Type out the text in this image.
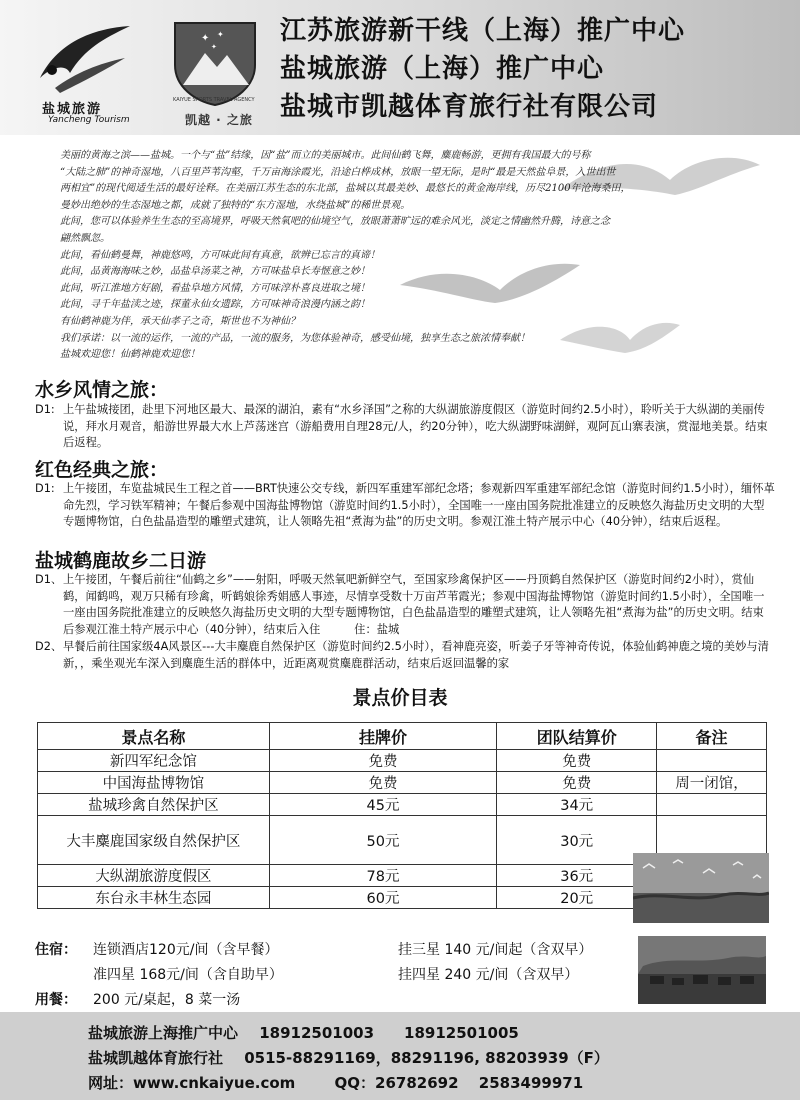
盐城旅游
Yancheng Tourism
✦ ✦
✦
KAIYUE SPORTS TRAVEL AGENCY
凯越 · 之旅
江苏旅游新干线（上海）推广中心
盐城旅游（上海）推广中心
盐城市凯越体育旅行社有限公司

美丽的黄海之滨——盐城。一个与“盐”结缘，因“盐”而立的美丽城市。此间仙鹤飞舞，麋鹿畅游，更拥有我国最大的号称

“大陆之肺”的神奇湿地，八百里芦苇沟壑，千万亩海涂霞光，沿途白桦成林，放眼一望无际，是时“最是天然盐阜景，入世出世

两相宜”的现代阅适生活的最好诠释。在美丽江苏生态的东北部，盐城以其最美妙、最悠长的黄金海岸线，历尽2100年沧海桑田，

曼妙出绝妙的生态湿地之都，成就了独特的“东方湿地，水绕盐城”的稀世景观。

此间，您可以体验养生生态的至高境界，呼吸天然氧吧的仙境空气，放眼萧萧旷远的难余风光，淡定之情幽然升腾，诗意之念

翩然飘忽。

此间，看仙鹤曼舞，神鹿悠鸣，方可味此间有真意，欲辨已忘言的真谛！

此间，品黄海海味之妙，品盐阜汤菜之神，方可味盐阜长寿惬意之妙！

此间，听江淮地方好剧，看盐阜地方风情，方可味淳朴喜良进取之境！

此间，寻千年盐渎之迹，探董永仙女遗踪，方可味神奇浪漫内涵之韵！

有仙鹤神鹿为伴，承天仙孝子之奇，斯世也不为神仙？

我们承诺：以一流的运作，一流的产品，一流的服务，为您体验神奇，感受仙境，独享生态之旅浓情奉献！

盐城欢迎您！仙鹤神鹿欢迎您！

水乡风情之旅：
D1: 上午盐城接团，赴里下河地区最大、最深的湖泊，素有“水乡泽国”之称的大纵湖旅游度假区（游览时间约2.5小时），聆听关于大纵湖的美丽传说，拜水月观音，船游世界最大水上芦荡迷宫（游船费用自理28元/人，约20分钟），吃大纵湖野味湖鲜，观阿瓦山寨表演，赏湿地美景。结束后返程。
红色经典之旅：
D1: 上午接团，车览盐城民生工程之首——BRT快速公交专线，新四军重建军部纪念塔；参观新四军重建军部纪念馆（游览时间约1.5小时），缅怀革命先烈，学习铁军精神；午餐后参观中国海盐博物馆（游览时间约1.5小时），全国唯一一座由国务院批准建立的反映悠久海盐历史文明的大型专题博物馆，白色盐晶造型的雕塑式建筑，让人领略先祖“煮海为盐”的历史文明。参观江淮土特产展示中心（40分钟），结束后返程。
盐城鹤鹿故乡二日游
D1、 上午接团，午餐后前往“仙鹤之乡”——射阳，呼吸天然氧吧新鲜空气，至国家珍禽保护区——丹顶鹤自然保护区（游览时间约2小时），赏仙鹤，闻鹤鸣，观万只稀有珍禽，听鹤娘徐秀娟感人事迹，尽情享受数十万亩芦苇霞光；参观中国海盐博物馆（游览时间约1.5小时），全国唯一一座由国务院批准建立的反映悠久海盐历史文明的大型专题博物馆，白色盐晶造型的雕塑式建筑，让人领略先祖“煮海为盐”的历史文明。结束后参观江淮土特产展示中心（40分钟），结束后入住　　　住：盐城
D2、 早餐后前往国家级4A风景区---大丰麋鹿自然保护区（游览时间约2.5小时），看神鹿亮姿，听姜子牙等神奇传说，体验仙鹤神鹿之境的美妙与清新，，乘坐观光车深入到麋鹿生活的群体中，近距离观赏麋鹿群活动，结束后返回温馨的家
景点价目表
景点名称	挂牌价	团队结算价	备注
新四军纪念馆	免费	免费	
中国海盐博物馆	免费	免费	周一闭馆，
盐城珍禽自然保护区	45元	34元	
大丰麋鹿国家级自然保护区	50元	30元	
大纵湖旅游度假区	78元	36元	
东台永丰林生态园	60元	20元	
住宿： 连锁酒店120元/间（含早餐）
准四星 168元/间（含自助早）
挂三星 140 元/间起（含双早）
挂四星 240 元/间（含双早）
用餐： 200 元/桌起，8 菜一汤
盐城旅游上海推广中心 18912501003　　18912501005
盐城凯越体育旅行社 0515-88291169，88291196, 88203939（F）
网址：www.cnkaiyue.com	QQ：26782692　 2583499971
